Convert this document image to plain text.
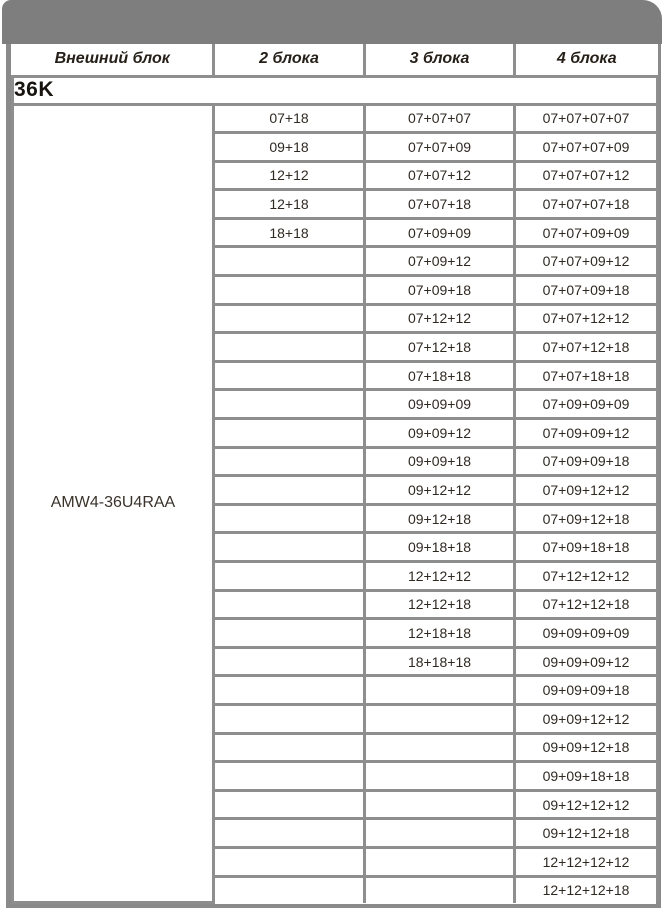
Внешний блок	2 блока	3 блока	4 блока
36K			
AMW4-36U4RAA	07+18	07+07+07	07+07+07+07
	09+18	07+07+09	07+07+07+09
	12+12	07+07+12	07+07+07+12
	12+18	07+07+18	07+07+07+18
	18+18	07+09+09	07+07+09+09
		07+09+12	07+07+09+12
		07+09+18	07+07+09+18
		07+12+12	07+07+12+12
		07+12+18	07+07+12+18
		07+18+18	07+07+18+18
		09+09+09	07+09+09+09
		09+09+12	07+09+09+12
		09+09+18	07+09+09+18
		09+12+12	07+09+12+12
		09+12+18	07+09+12+18
		09+18+18	07+09+18+18
		12+12+12	07+12+12+12
		12+12+18	07+12+12+18
		12+18+18	09+09+09+09
		18+18+18	09+09+09+12
			09+09+09+18
			09+09+12+12
			09+09+12+18
			09+09+18+18
			09+12+12+12
			09+12+12+18
			12+12+12+12
			12+12+12+18
